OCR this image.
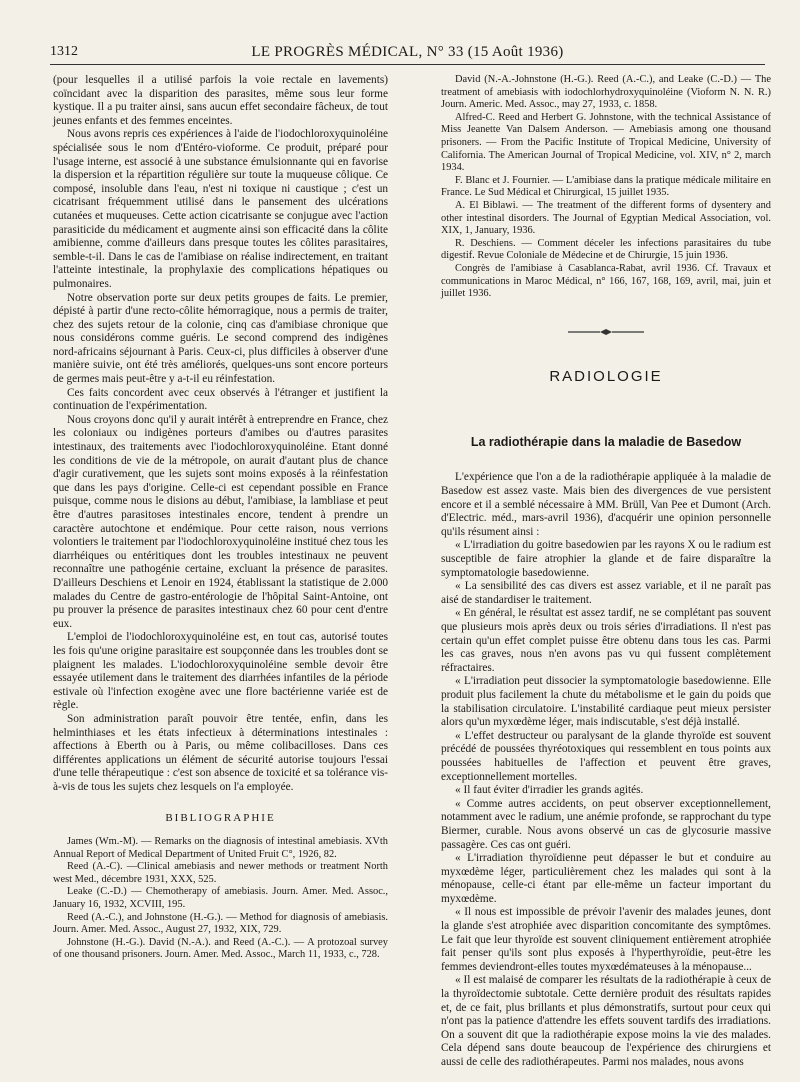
1312	LE PROGRÈS MÉDICAL, N° 33 (15 Août 1936)

(pour lesquelles il a utilisé parfois la voie rectale en lavements) coïncidant avec la disparition des parasites, même sous leur forme kystique. Il a pu traiter ainsi, sans aucun effet secondaire fâcheux, de tout jeunes enfants et des femmes enceintes.

Nous avons repris ces expériences à l'aide de l'iodochloroxyquinoléine spécialisée sous le nom d'Entéro-vioforme. Ce produit, préparé pour l'usage interne, est associé à une substance émulsionnante qui en favorise la dispersion et la répartition régulière sur toute la muqueuse côlique. Ce composé, insoluble dans l'eau, n'est ni toxique ni caustique ; c'est un cicatrisant fréquemment utilisé dans le pansement des ulcérations cutanées et muqueuses. Cette action cicatrisante se conjugue avec l'action parasiticide du médicament et augmente ainsi son efficacité dans la côlite amibienne, comme d'ailleurs dans presque toutes les côlites parasitaires, semble-t-il. Dans le cas de l'amibiase on réalise indirectement, en traitant l'atteinte intestinale, la prophylaxie des complications hépatiques ou pulmonaires.

Notre observation porte sur deux petits groupes de faits. Le premier, dépisté à partir d'une recto-côlite hémorragique, nous a permis de traiter, chez des sujets retour de la colonie, cinq cas d'amibiase chronique que nous considérons comme guéris. Le second comprend des indigènes nord-africains séjournant à Paris. Ceux-ci, plus difficiles à observer d'une manière suivie, ont été très améliorés, quelques-uns sont encore porteurs de germes mais peut-être y a-t-il eu réinfestation.

Ces faits concordent avec ceux observés à l'étranger et justifient la continuation de l'expérimentation.

Nous croyons donc qu'il y aurait intérêt à entreprendre en France, chez les coloniaux ou indigènes porteurs d'amibes ou d'autres parasites intestinaux, des traitements avec l'iodochloroxyquinoléine. Etant donné les conditions de vie de la métropole, on aurait d'autant plus de chance d'agir curativement, que les sujets sont moins exposés à la réinfestation que dans les pays d'origine. Celle-ci est cependant possible en France puisque, comme nous le disions au début, l'amibiase, la lambliase et peut être d'autres parasitoses intestinales encore, tendent à prendre un caractère autochtone et endémique. Pour cette raison, nous verrions volontiers le traitement par l'iodochloroxyquinoléine institué chez tous les diarrhéiques ou entéritiques dont les troubles intestinaux ne peuvent reconnaître une pathogénie certaine, excluant la présence de parasites. D'ailleurs Deschiens et Lenoir en 1924, établissant la statistique de 2.000 malades du Centre de gastro-entérologie de l'hôpital Saint-Antoine, ont pu prouver la présence de parasites intestinaux chez 60 pour cent d'entre eux.

L'emploi de l'iodochloroxyquinoléine est, en tout cas, autorisé toutes les fois qu'une origine parasitaire est soupçonnée dans les troubles dont se plaignent les malades. L'iodochloroxyquinoléine semble devoir être essayée utilement dans le traitement des diarrhées infantiles de la période estivale où l'infection exogène avec une flore bactérienne variée est de règle.

Son administration paraît pouvoir être tentée, enfin, dans les helminthiases et les états infectieux à déterminations intestinales : affections à Eberth ou à Paris, ou même colibacilloses. Dans ces différentes applications un élément de sécurité autorise toujours l'essai d'une telle thérapeutique : c'est son absence de toxicité et sa tolérance vis-à-vis de tous les sujets chez lesquels on l'a employée.

BIBLIOGRAPHIE

James (Wm.-M). — Remarks on the diagnosis of intestinal amebiasis. XVth Annual Report of Medical Department of United Fruit C°, 1926, 82.

Reed (A.-C). —Clinical amebiasis and newer methods or treatment North west Med., décembre 1931, XXX, 525.

Leake (C.-D.) — Chemotherapy of amebiasis. Journ. Amer. Med. Assoc., January 16, 1932, XCVIII, 195.

Reed (A.-C.), and Johnstone (H.-G.). — Method for diagnosis of amebiasis. Journ. Amer. Med. Assoc., August 27, 1932, XIX, 729.

Johnstone (H.-G.). David (N.-A.). and Reed (A.-C.). — A protozoal survey of one thousand prisoners. Journ. Amer. Med. Assoc., March 11, 1933, c., 728.

David (N.-A.-Johnstone (H.-G.). Reed (A.-C.), and Leake (C.-D.) — The treatment of amebiasis with iodochlorhydroxyquinoléine (Vioform N. N. R.) Journ. Americ. Med. Assoc., may 27, 1933, c. 1858.

Alfred-C. Reed and Herbert G. Johnstone, with the technical Assistance of Miss Jeanette Van Dalsem Anderson. — Amebiasis among one thousand prisoners. — From the Pacific Institute of Tropical Medicine, University of California. The American Journal of Tropical Medicine, vol. XIV, n° 2, march 1934.

F. Blanc et J. Fournier. — L'amibiase dans la pratique médicale militaire en France. Le Sud Médical et Chirurgical, 15 juillet 1935.

A. El Biblawi. — The treatment of the different forms of dysentery and other intestinal disorders. The Journal of Egyptian Medical Association, vol. XIX, 1, January, 1936.

R. Deschiens. — Comment déceler les infections parasitaires du tube digestif. Revue Coloniale de Médecine et de Chirurgie, 15 juin 1936.

Congrès de l'amibiase à Casablanca-Rabat, avril 1936. Cf. Travaux et communications in Maroc Médical, n° 166, 167, 168, 169, avril, mai, juin et juillet 1936.

RADIOLOGIE
La radiothérapie dans la maladie de Basedow

L'expérience que l'on a de la radiothérapie appliquée à la maladie de Basedow est assez vaste. Mais bien des divergences de vue persistent encore et il a semblé nécessaire à MM. Brüll, Van Pee et Dumont (Arch. d'Electric. méd., mars-avril 1936), d'acquérir une opinion personnelle qu'ils résument ainsi :

« L'irradiation du goitre basedowien par les rayons X ou le radium est susceptible de faire atrophier la glande et de faire disparaître la symptomatologie basedowienne.

« La sensibilité des cas divers est assez variable, et il ne paraît pas aisé de standardiser le traitement.

« En général, le résultat est assez tardif, ne se complétant pas souvent que plusieurs mois après deux ou trois séries d'irradiations. Il n'est pas certain qu'un effet complet puisse être obtenu dans tous les cas. Parmi les cas graves, nous n'en avons pas vu qui fussent complètement réfractaires.

« L'irradiation peut dissocier la symptomatologie basedowienne. Elle produit plus facilement la chute du métabolisme et le gain du poids que la stabilisation circulatoire. L'instabilité cardiaque peut mieux persister alors qu'un myxœdème léger, mais indiscutable, s'est déjà installé.

« L'effet destructeur ou paralysant de la glande thyroïde est souvent précédé de poussées thyréotoxiques qui ressemblent en tous points aux poussées habituelles de l'affection et peuvent être graves, exceptionnellement mortelles.

« Il faut éviter d'irradier les grands agités.

« Comme autres accidents, on peut observer exceptionnellement, notamment avec le radium, une anémie profonde, se rapprochant du type Biermer, curable. Nous avons observé un cas de glycosurie massive passagère. Ces cas ont guéri.

« L'irradiation thyroïdienne peut dépasser le but et conduire au myxœdème léger, particulièrement chez les malades qui sont à la ménopause, celle-ci étant par elle-même un facteur important du myxœdème.

« Il nous est impossible de prévoir l'avenir des malades jeunes, dont la glande s'est atrophiée avec disparition concomitante des symptômes. Le fait que leur thyroïde est souvent cliniquement entièrement atrophiée fait penser qu'ils sont plus exposés à l'hyperthyroïdie, peut-être les femmes deviendront-elles toutes myxœdémateuses à la ménopause...

« Il est malaisé de comparer les résultats de la radiothérapie à ceux de la thyroïdectomie subtotale. Cette dernière produit des résultats rapides et, de ce fait, plus brillants et plus démonstratifs, surtout pour ceux qui n'ont pas la patience d'attendre les effets souvent tardifs des irradiations. On a souvent dit que la radiothérapie expose moins la vie des malades. Cela dépend sans doute beaucoup de l'expérience des chirurgiens et aussi de celle des radiothérapeutes. Parmi nos malades, nous avons
